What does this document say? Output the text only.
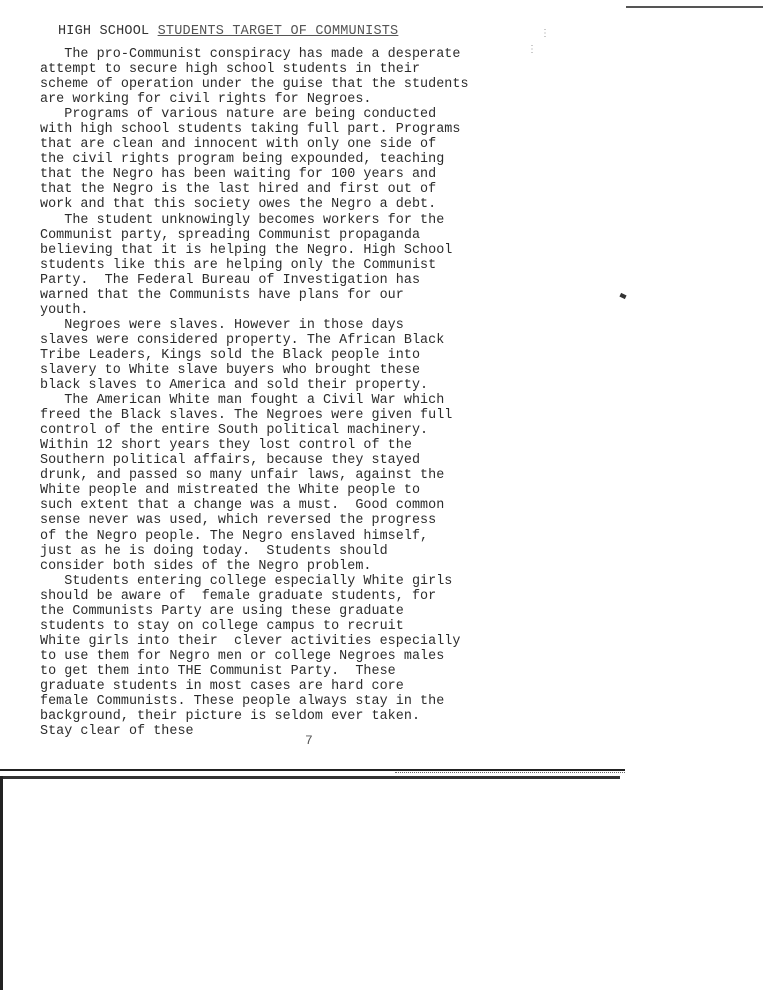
⋮
⋮
HIGH SCHOOL STUDENTS TARGET OF COMMUNISTS
The pro-Communist conspiracy has made a desperate
attempt to secure high school students in their
scheme of operation under the guise that the students
are working for civil rights for Negroes.
Programs of various nature are being conducted
with high school students taking full part. Programs
that are clean and innocent with only one side of
the civil rights program being expounded, teaching
that the Negro has been waiting for 100 years and
that the Negro is the last hired and first out of
work and that this society owes the Negro a debt.
The student unknowingly becomes workers for the
Communist party, spreading Communist propaganda
believing that it is helping the Negro. High School
students like this are helping only the Communist
Party.  The Federal Bureau of Investigation has
warned that the Communists have plans for our
youth.
Negroes were slaves. However in those days
slaves were considered property. The African Black
Tribe Leaders, Kings sold the Black people into
slavery to White slave buyers who brought these
black slaves to America and sold their property.
The American White man fought a Civil War which
freed the Black slaves. The Negroes were given full
control of the entire South political machinery.
Within 12 short years they lost control of the
Southern political affairs, because they stayed
drunk, and passed so many unfair laws, against the
White people and mistreated the White people to
such extent that a change was a must.  Good common
sense never was used, which reversed the progress
of the Negro people. The Negro enslaved himself,
just as he is doing today.  Students should
consider both sides of the Negro problem.
Students entering college especially White girls
should be aware of  female graduate students, for
the Communists Party are using these graduate
students to stay on college campus to recruit
White girls into their  clever activities especially
to use them for Negro men or college Negroes males
to get them into THE Communist Party.  These
graduate students in most cases are hard core
female Communists. These people always stay in the
background, their picture is seldom ever taken.
Stay clear of these
7
